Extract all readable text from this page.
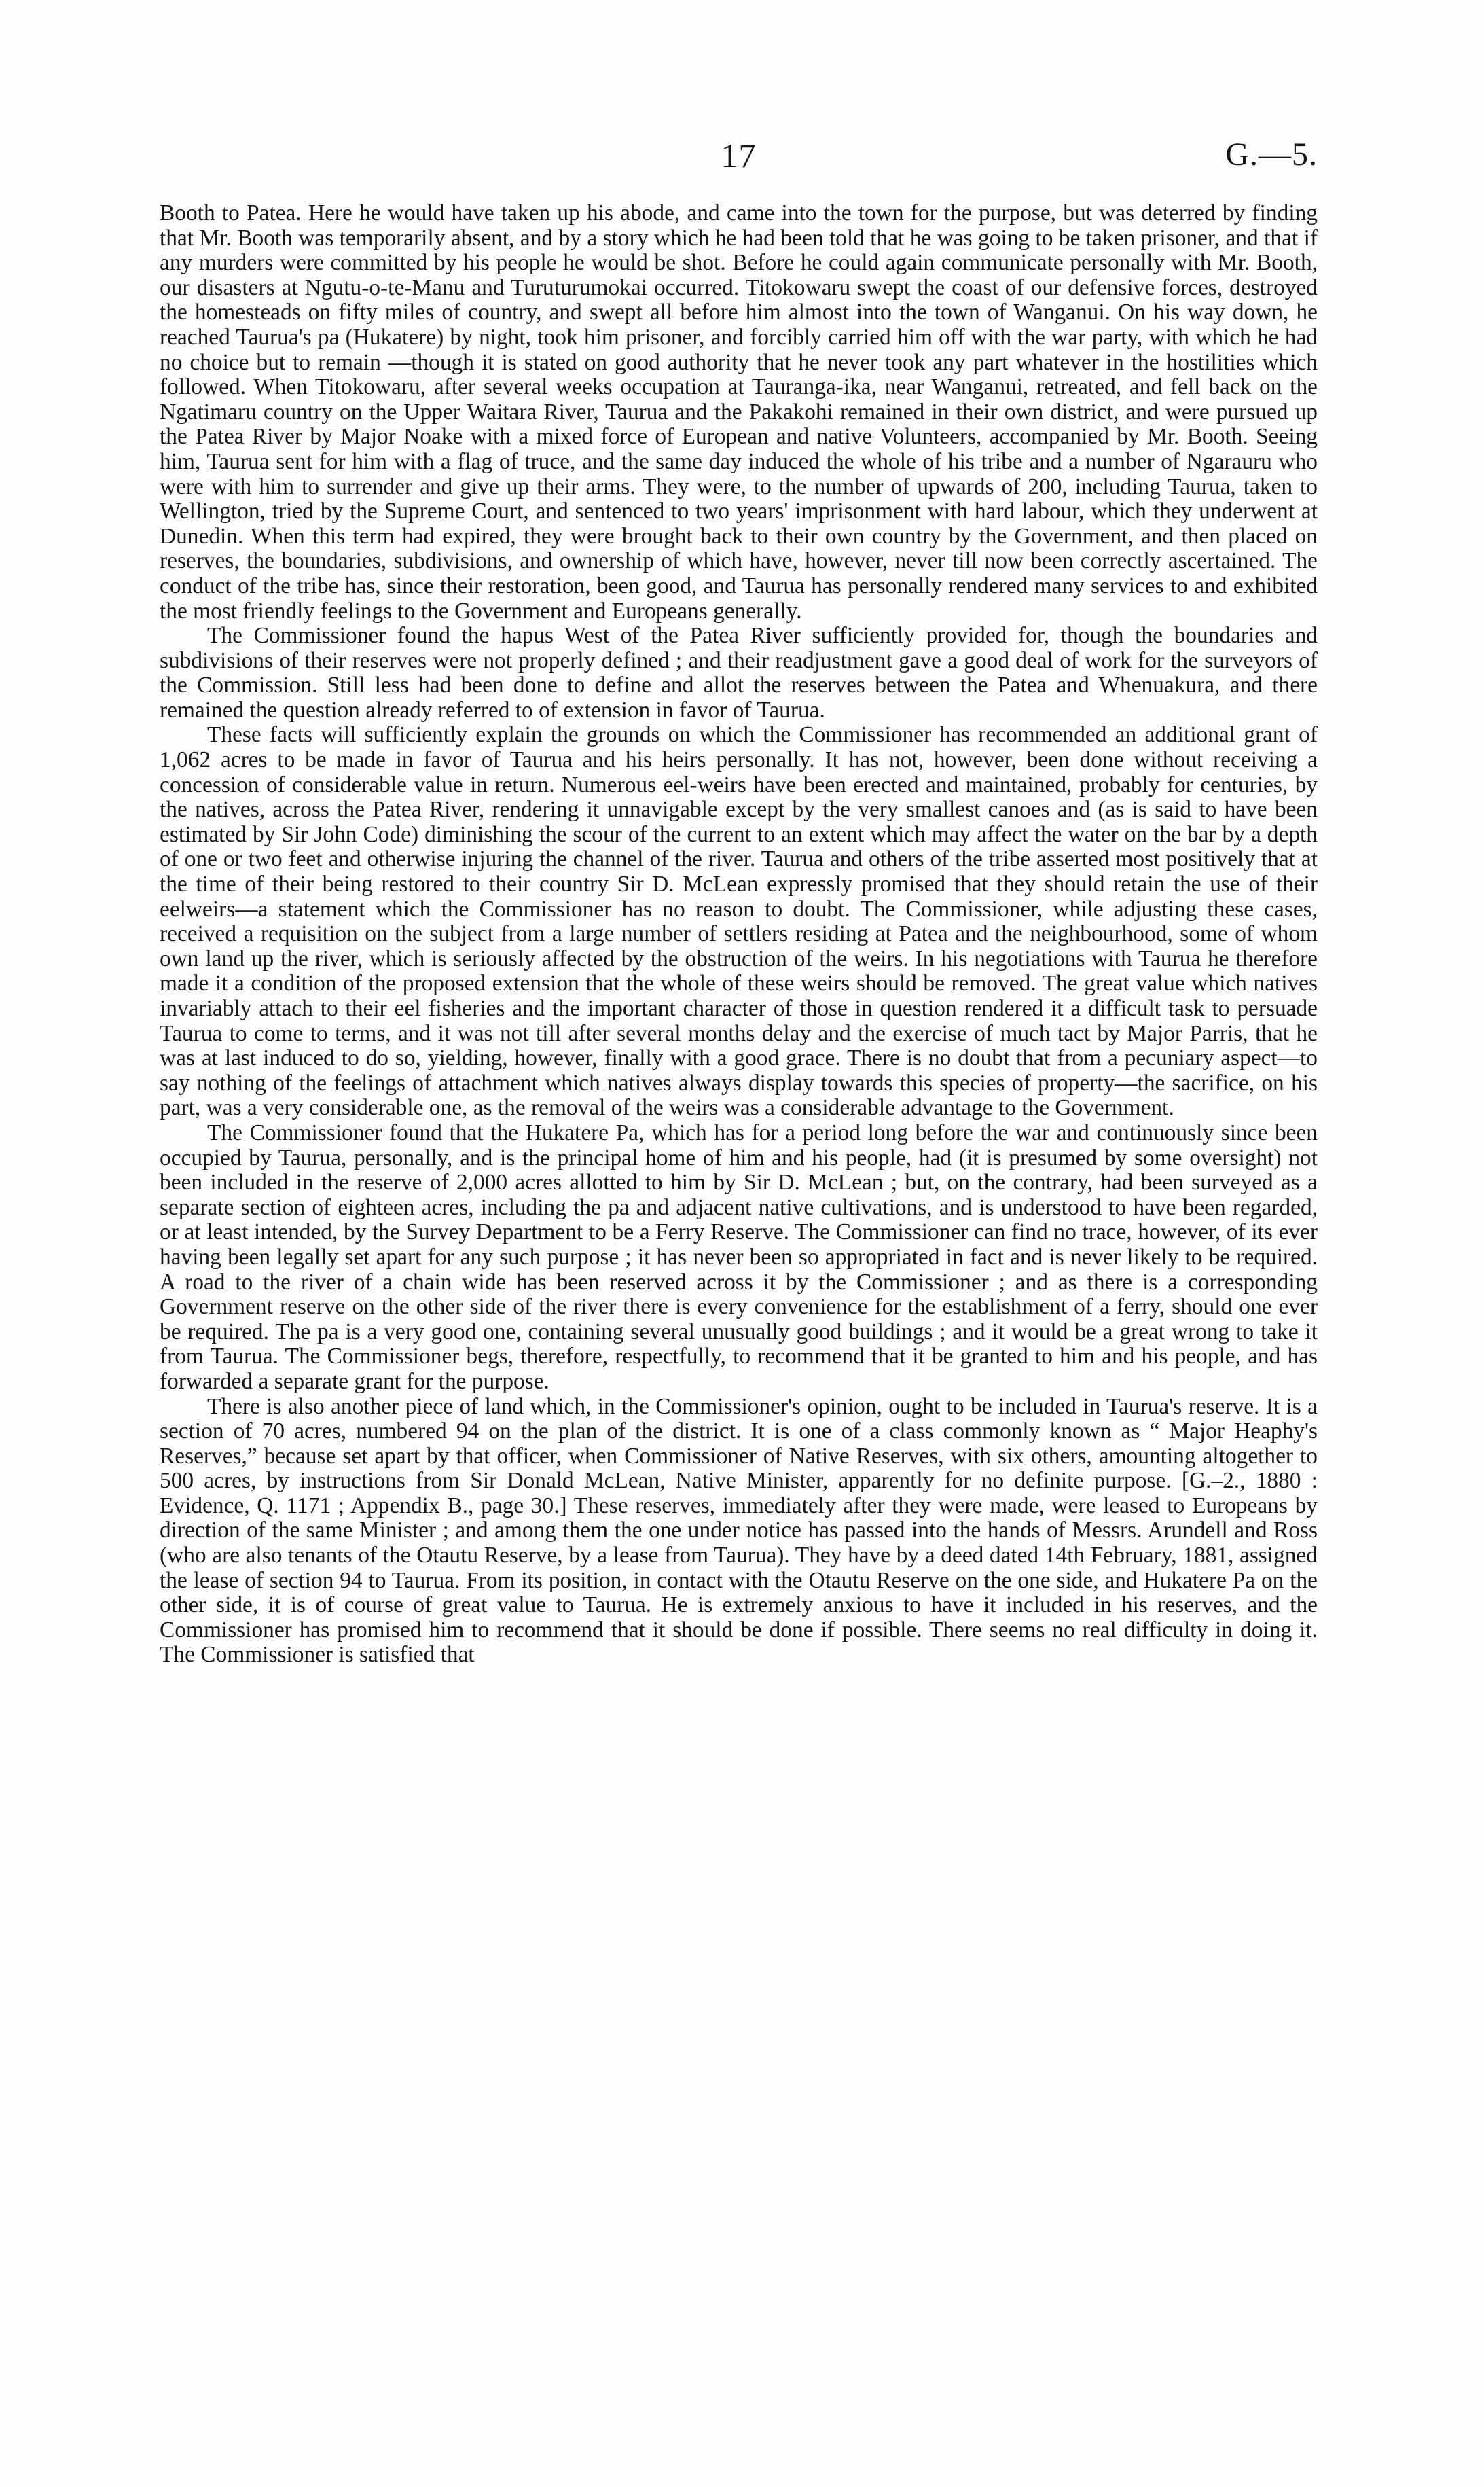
17	G.—5.

Booth to Patea. Here he would have taken up his abode, and came into the town for the purpose, but was deterred by finding that Mr. Booth was temporarily absent, and by a story which he had been told that he was going to be taken prisoner, and that if any murders were committed by his people he would be shot. Before he could again communicate personally with Mr. Booth, our disasters at Ngutu-o-te-Manu and Turuturumokai occurred. Titokowaru swept the coast of our defensive forces, destroyed the homesteads on fifty miles of country, and swept all before him almost into the town of Wanganui. On his way down, he reached Taurua's pa (Hukatere) by night, took him prisoner, and forcibly carried him off with the war party, with which he had no choice but to remain —though it is stated on good authority that he never took any part whatever in the hostilities which followed. When Titokowaru, after several weeks occupation at Tauranga-ika, near Wanganui, retreated, and fell back on the Ngatimaru country on the Upper Waitara River, Taurua and the Pakakohi remained in their own district, and were pursued up the Patea River by Major Noake with a mixed force of European and native Volunteers, accompanied by Mr. Booth. Seeing him, Taurua sent for him with a flag of truce, and the same day induced the whole of his tribe and a number of Ngarauru who were with him to surrender and give up their arms. They were, to the number of upwards of 200, including Taurua, taken to Wellington, tried by the Supreme Court, and sentenced to two years' imprisonment with hard labour, which they underwent at Dunedin. When this term had expired, they were brought back to their own country by the Government, and then placed on reserves, the boundaries, subdivisions, and ownership of which have, however, never till now been correctly ascertained. The conduct of the tribe has, since their restoration, been good, and Taurua has personally rendered many services to and exhibited the most friendly feelings to the Government and Europeans generally.

The Commissioner found the hapus West of the Patea River sufficiently provided for, though the boundaries and subdivisions of their reserves were not properly defined ; and their readjustment gave a good deal of work for the surveyors of the Commission. Still less had been done to define and allot the reserves between the Patea and Whenuakura, and there remained the question already referred to of extension in favor of Taurua.

These facts will sufficiently explain the grounds on which the Commissioner has recommended an additional grant of 1,062 acres to be made in favor of Taurua and his heirs personally. It has not, however, been done without receiving a concession of considerable value in return. Numerous eel-weirs have been erected and maintained, probably for centuries, by the natives, across the Patea River, rendering it unnavigable except by the very smallest canoes and (as is said to have been estimated by Sir John Code) diminishing the scour of the current to an extent which may affect the water on the bar by a depth of one or two feet and otherwise injuring the channel of the river. Taurua and others of the tribe asserted most positively that at the time of their being restored to their country Sir D. McLean expressly promised that they should retain the use of their eelweirs—a statement which the Commissioner has no reason to doubt. The Commissioner, while adjusting these cases, received a requisition on the subject from a large number of settlers residing at Patea and the neighbourhood, some of whom own land up the river, which is seriously affected by the obstruction of the weirs. In his negotiations with Taurua he therefore made it a condition of the proposed extension that the whole of these weirs should be removed. The great value which natives invariably attach to their eel fisheries and the important character of those in question rendered it a difficult task to persuade Taurua to come to terms, and it was not till after several months delay and the exercise of much tact by Major Parris, that he was at last induced to do so, yielding, however, finally with a good grace. There is no doubt that from a pecuniary aspect—to say nothing of the feelings of attachment which natives always display towards this species of property—the sacrifice, on his part, was a very considerable one, as the removal of the weirs was a considerable advantage to the Government.

The Commissioner found that the Hukatere Pa, which has for a period long before the war and continuously since been occupied by Taurua, personally, and is the principal home of him and his people, had (it is presumed by some oversight) not been included in the reserve of 2,000 acres allotted to him by Sir D. McLean ; but, on the contrary, had been surveyed as a separate section of eighteen acres, including the pa and adjacent native cultivations, and is understood to have been regarded, or at least intended, by the Survey Department to be a Ferry Reserve. The Commissioner can find no trace, however, of its ever having been legally set apart for any such purpose ; it has never been so appropriated in fact and is never likely to be required. A road to the river of a chain wide has been reserved across it by the Commissioner ; and as there is a corresponding Government reserve on the other side of the river there is every convenience for the establishment of a ferry, should one ever be required. The pa is a very good one, containing several unusually good buildings ; and it would be a great wrong to take it from Taurua. The Commissioner begs, therefore, respectfully, to recommend that it be granted to him and his people, and has forwarded a separate grant for the purpose.

There is also another piece of land which, in the Commissioner's opinion, ought to be included in Taurua's reserve. It is a section of 70 acres, numbered 94 on the plan of the district. It is one of a class commonly known as “ Major Heaphy's Reserves,” because set apart by that officer, when Commissioner of Native Reserves, with six others, amounting altogether to 500 acres, by instructions from Sir Donald McLean, Native Minister, apparently for no definite purpose. [G.–2., 1880 : Evidence, Q. 1171 ; Appendix B., page 30.] These reserves, immediately after they were made, were leased to Europeans by direction of the same Minister ; and among them the one under notice has passed into the hands of Messrs. Arundell and Ross (who are also tenants of the Otautu Reserve, by a lease from Taurua). They have by a deed dated 14th February, 1881, assigned the lease of section 94 to Taurua. From its position, in contact with the Otautu Reserve on the one side, and Hukatere Pa on the other side, it is of course of great value to Taurua. He is extremely anxious to have it included in his reserves, and the Commissioner has promised him to recommend that it should be done if possible. There seems no real difficulty in doing it. The Commissioner is satisfied that
